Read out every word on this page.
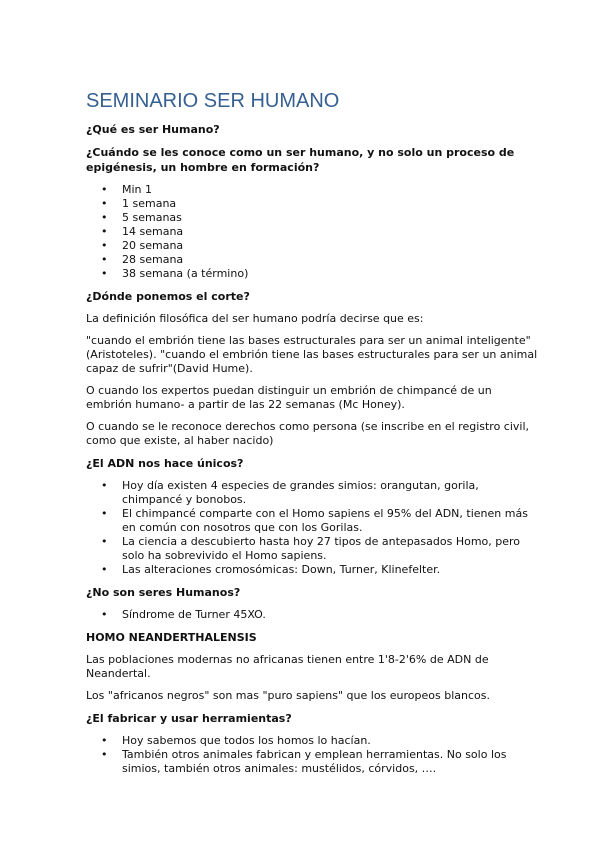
SEMINARIO SER HUMANO
¿Qué es ser Humano?
¿Cuándo se les conoce como un ser humano, y no solo un proceso de epigénesis, un hombre en formación?
• Min 1
• 1 semana
• 5 semanas
• 14 semana
• 20 semana
• 28 semana
• 38 semana (a término)
¿Dónde ponemos el corte?
La definición filosófica del ser humano podría decirse que es:
"cuando el embrión tiene las bases estructurales para ser un animal inteligente" (Aristoteles). "cuando el embrión tiene las bases estructurales para ser un animal capaz de sufrir"(David Hume).
O cuando los expertos puedan distinguir un embrión de chimpancé de un embrión humano- a partir de las 22 semanas (Mc Honey).
O cuando se le reconoce derechos como persona (se inscribe en el registro civil, como que existe, al haber nacido)
¿El ADN nos hace únicos?
• Hoy día existen 4 especies de grandes simios: orangutan, gorila, chimpancé y bonobos.
• El chimpancé comparte con el Homo sapiens el 95% del ADN, tienen más en común con nosotros que con los Gorilas.
• La ciencia a descubierto hasta hoy 27 tipos de antepasados Homo, pero solo ha sobrevivido el Homo sapiens.
• Las alteraciones cromosómicas: Down, Turner, Klinefelter.
¿No son seres Humanos?
• Síndrome de Turner 45XO.
HOMO NEANDERTHALENSIS
Las poblaciones modernas no africanas tienen entre 1'8-2'6% de ADN de Neandertal.
Los "africanos negros" son mas "puro sapiens" que los europeos blancos.
¿El fabricar y usar herramientas?
• Hoy sabemos que todos los homos lo hacían.
• También otros animales fabrican y emplean herramientas. No solo los simios, también otros animales: mustélidos, córvidos, ….
